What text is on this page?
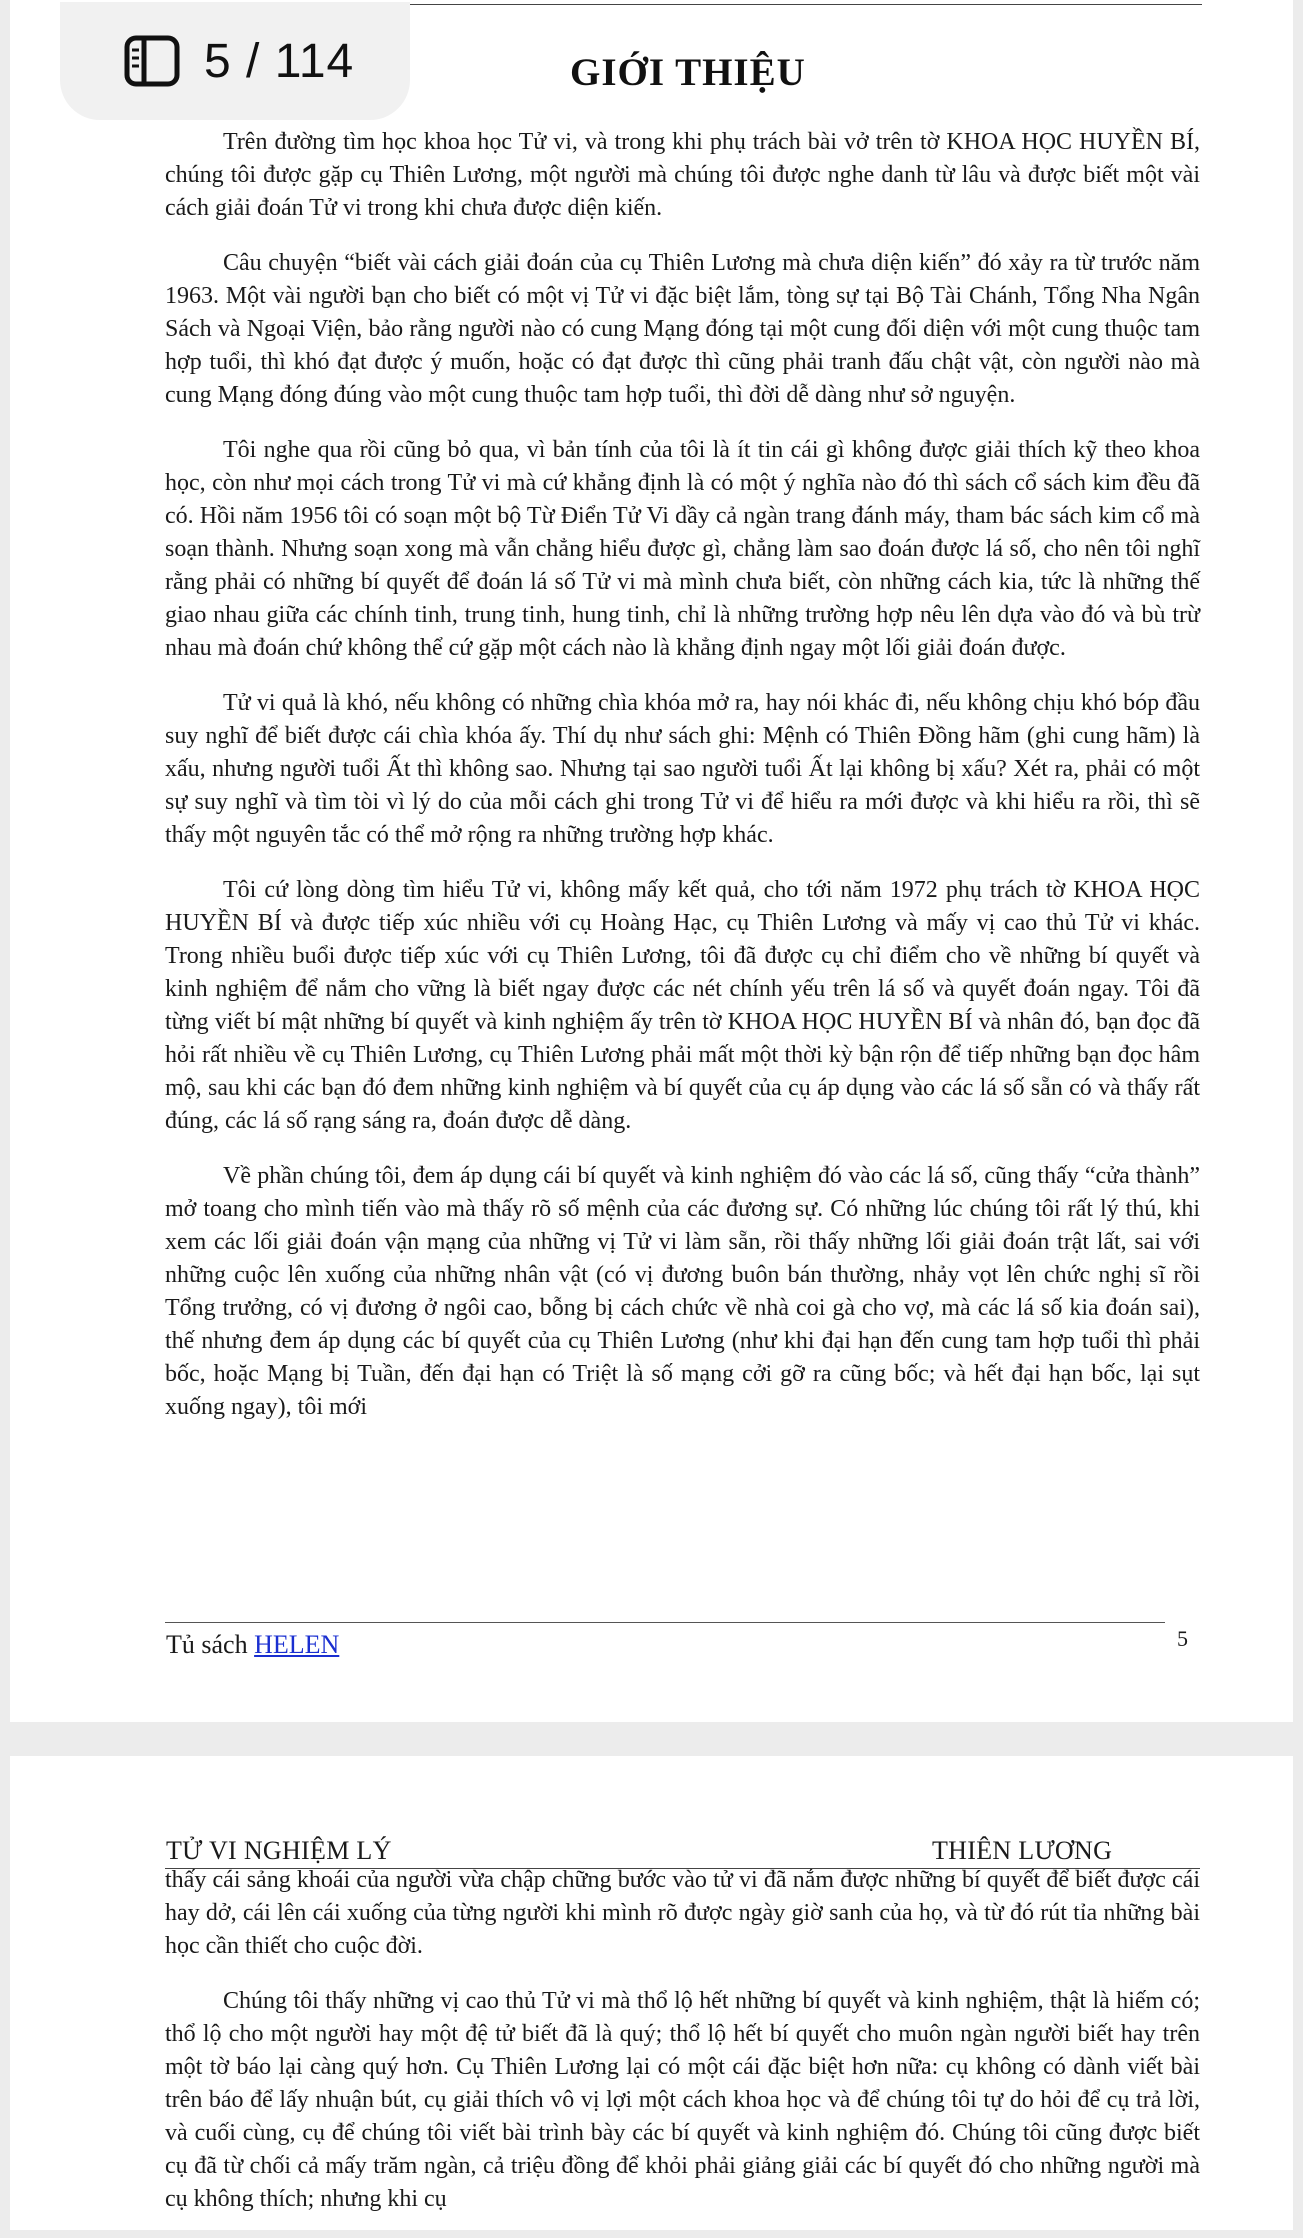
5 / 114	GIỚI THIỆU

Trên đường tìm học khoa học Tử vi, và trong khi phụ trách bài vở trên tờ KHOA HỌC HUYỀN BÍ, chúng tôi được gặp cụ Thiên Lương, một người mà chúng tôi được nghe danh từ lâu và được biết một vài cách giải đoán Tử vi trong khi chưa được diện kiến.

Câu chuyện “biết vài cách giải đoán của cụ Thiên Lương mà chưa diện kiến” đó xảy ra từ trước năm 1963. Một vài người bạn cho biết có một vị Tử vi đặc biệt lắm, tòng sự tại Bộ Tài Chánh, Tổng Nha Ngân Sách và Ngoại Viện, bảo rằng người nào có cung Mạng đóng tại một cung đối diện với một cung thuộc tam hợp tuổi, thì khó đạt được ý muốn, hoặc có đạt được thì cũng phải tranh đấu chật vật, còn người nào mà cung Mạng đóng đúng vào một cung thuộc tam hợp tuổi, thì đời dễ dàng như sở nguyện.

Tôi nghe qua rồi cũng bỏ qua, vì bản tính của tôi là ít tin cái gì không được giải thích kỹ theo khoa học, còn như mọi cách trong Tử vi mà cứ khẳng định là có một ý nghĩa nào đó thì sách cổ sách kim đều đã có. Hồi năm 1956 tôi có soạn một bộ Từ Điển Tử Vi dầy cả ngàn trang đánh máy, tham bác sách kim cổ mà soạn thành. Nhưng soạn xong mà vẫn chẳng hiểu được gì, chẳng làm sao đoán được lá số, cho nên tôi nghĩ rằng phải có những bí quyết để đoán lá số Tử vi mà mình chưa biết, còn những cách kia, tức là những thế giao nhau giữa các chính tinh, trung tinh, hung tinh, chỉ là những trường hợp nêu lên dựa vào đó và bù trừ nhau mà đoán chứ không thể cứ gặp một cách nào là khẳng định ngay một lối giải đoán được.

Tử vi quả là khó, nếu không có những chìa khóa mở ra, hay nói khác đi, nếu không chịu khó bóp đầu suy nghĩ để biết được cái chìa khóa ấy. Thí dụ như sách ghi: Mệnh có Thiên Đồng hãm (ghi cung hãm) là xấu, nhưng người tuổi Ất thì không sao. Nhưng tại sao người tuổi Ất lại không bị xấu? Xét ra, phải có một sự suy nghĩ và tìm tòi vì lý do của mỗi cách ghi trong Tử vi để hiểu ra mới được và khi hiểu ra rồi, thì sẽ thấy một nguyên tắc có thể mở rộng ra những trường hợp khác.

Tôi cứ lòng dòng tìm hiểu Tử vi, không mấy kết quả, cho tới năm 1972 phụ trách tờ KHOA HỌC HUYỀN BÍ và được tiếp xúc nhiều với cụ Hoàng Hạc, cụ Thiên Lương và mấy vị cao thủ Tử vi khác. Trong nhiều buổi được tiếp xúc với cụ Thiên Lương, tôi đã được cụ chỉ điểm cho về những bí quyết và kinh nghiệm để nắm cho vững là biết ngay được các nét chính yếu trên lá số và quyết đoán ngay. Tôi đã từng viết bí mật những bí quyết và kinh nghiệm ấy trên tờ KHOA HỌC HUYỀN BÍ và nhân đó, bạn đọc đã hỏi rất nhiều về cụ Thiên Lương, cụ Thiên Lương phải mất một thời kỳ bận rộn để tiếp những bạn đọc hâm mộ, sau khi các bạn đó đem những kinh nghiệm và bí quyết của cụ áp dụng vào các lá số sẵn có và thấy rất đúng, các lá số rạng sáng ra, đoán được dễ dàng.

Về phần chúng tôi, đem áp dụng cái bí quyết và kinh nghiệm đó vào các lá số, cũng thấy “cửa thành” mở toang cho mình tiến vào mà thấy rõ số mệnh của các đương sự. Có những lúc chúng tôi rất lý thú, khi xem các lối giải đoán vận mạng của những vị Tử vi làm sẵn, rồi thấy những lối giải đoán trật lất, sai với những cuộc lên xuống của những nhân vật (có vị đương buôn bán thường, nhảy vọt lên chức nghị sĩ rồi Tổng trưởng, có vị đương ở ngôi cao, bỗng bị cách chức về nhà coi gà cho vợ, mà các lá số kia đoán sai), thế nhưng đem áp dụng các bí quyết của cụ Thiên Lương (như khi đại hạn đến cung tam hợp tuổi thì phải bốc, hoặc Mạng bị Tuần, đến đại hạn có Triệt là số mạng cởi gỡ ra cũng bốc; và hết đại hạn bốc, lại sụt xuống ngay), tôi mới

Tủ sách HELEN	5
TỬ VI NGHIỆM LÝ	THIÊN LƯƠNG

thấy cái sảng khoái của người vừa chập chững bước vào tử vi đã nắm được những bí quyết để biết được cái hay dở, cái lên cái xuống của từng người khi mình rõ được ngày giờ sanh của họ, và từ đó rút tỉa những bài học cần thiết cho cuộc đời.

Chúng tôi thấy những vị cao thủ Tử vi mà thổ lộ hết những bí quyết và kinh nghiệm, thật là hiếm có; thổ lộ cho một người hay một đệ tử biết đã là quý; thổ lộ hết bí quyết cho muôn ngàn người biết hay trên một tờ báo lại càng quý hơn. Cụ Thiên Lương lại có một cái đặc biệt hơn nữa: cụ không có dành viết bài trên báo để lấy nhuận bút, cụ giải thích vô vị lợi một cách khoa học và để chúng tôi tự do hỏi để cụ trả lời, và cuối cùng, cụ để chúng tôi viết bài trình bày các bí quyết và kinh nghiệm đó. Chúng tôi cũng được biết cụ đã từ chối cả mấy trăm ngàn, cả triệu đồng để khỏi phải giảng giải các bí quyết đó cho những người mà cụ không thích; nhưng khi cụ
